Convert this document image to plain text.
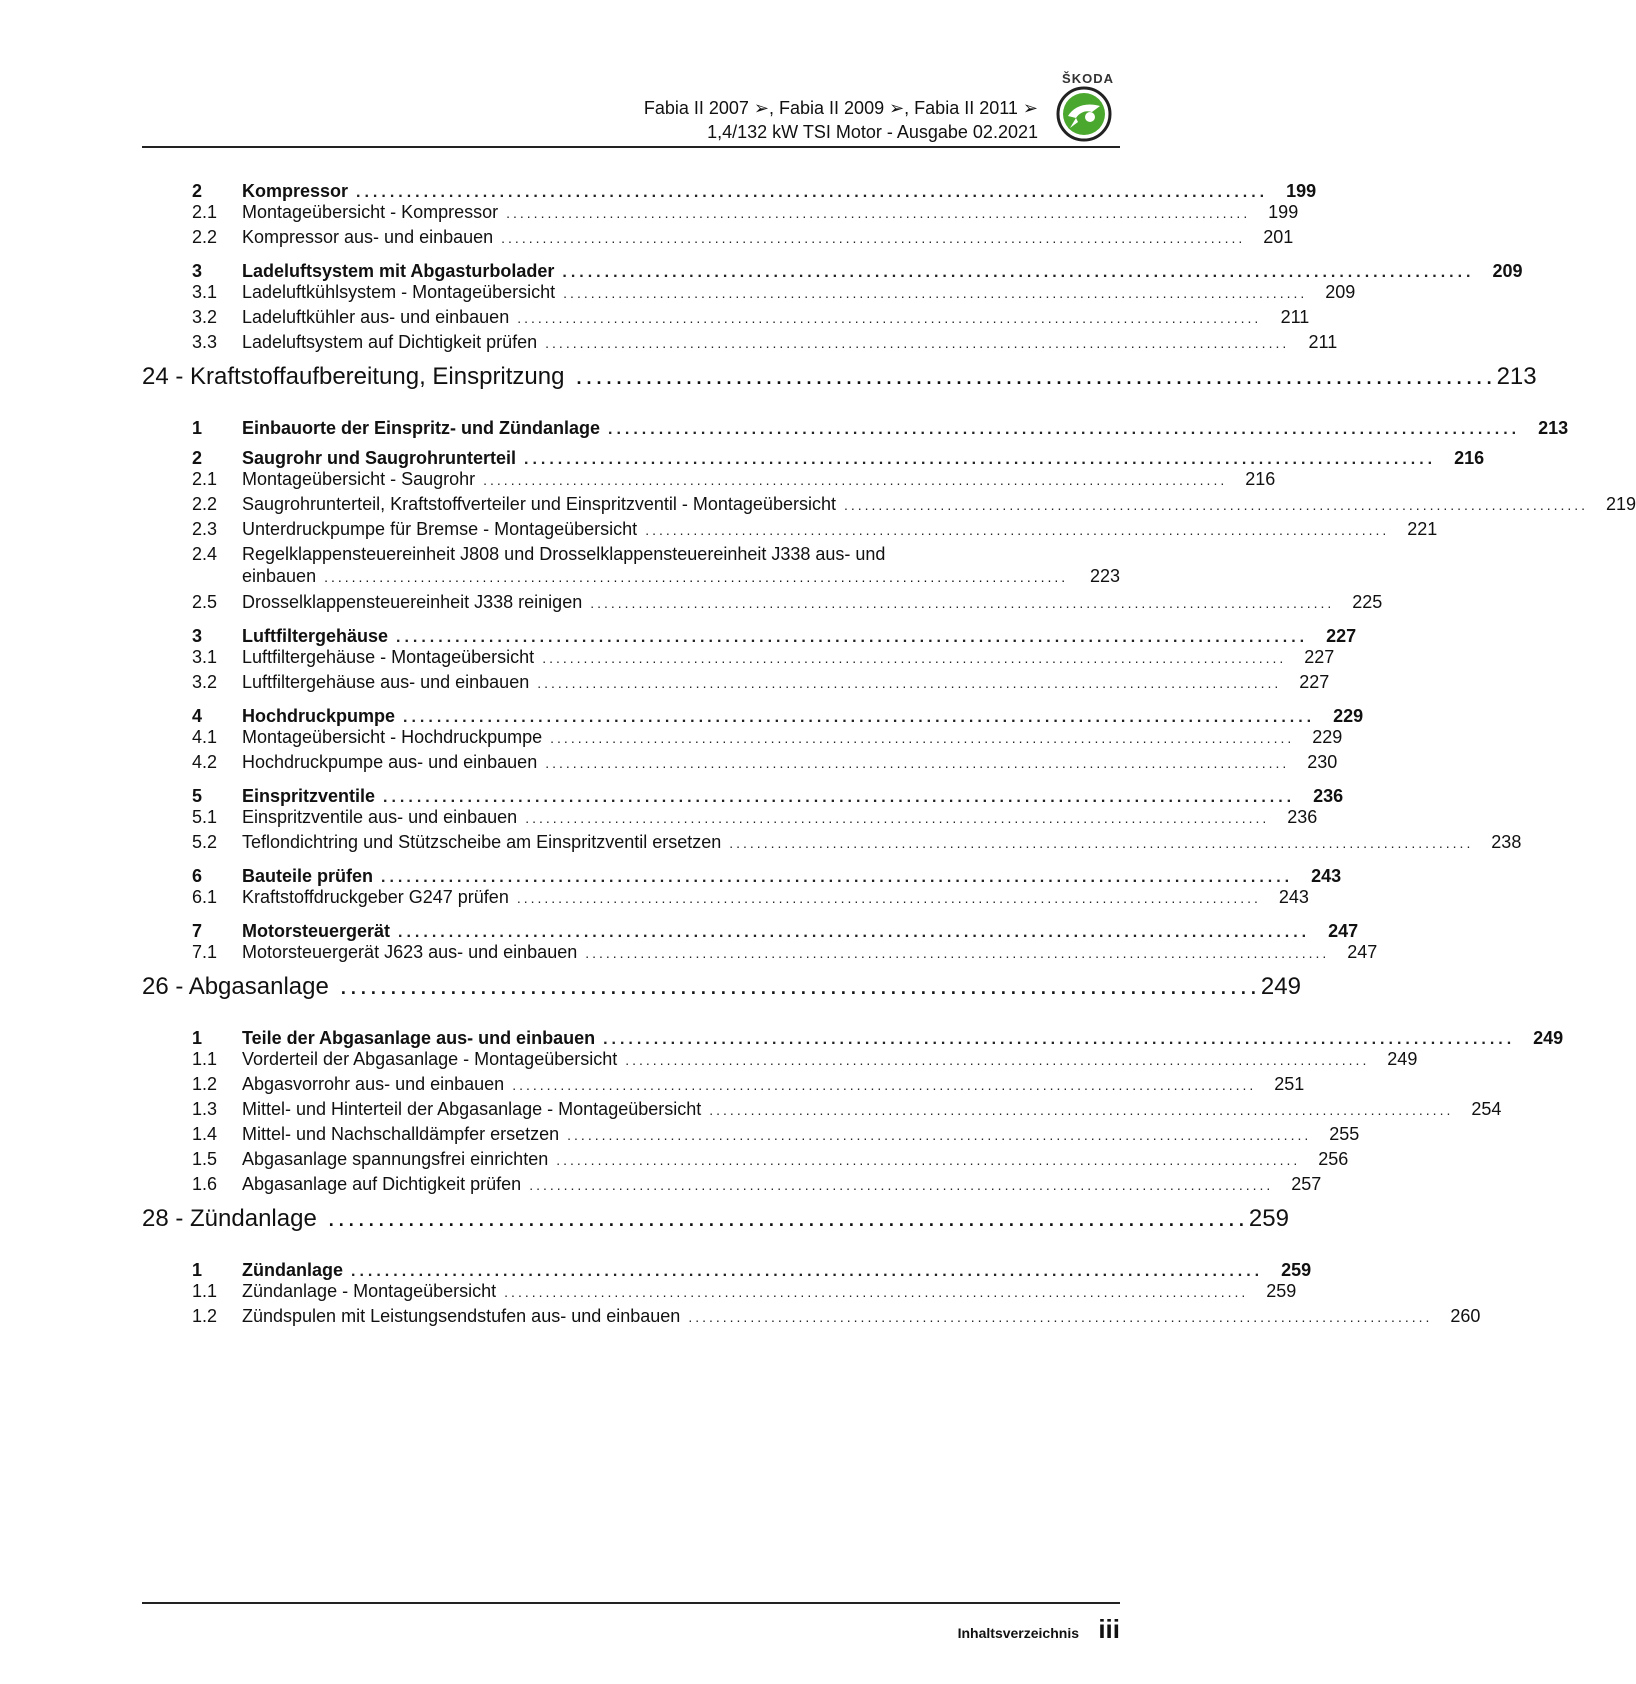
ŠKODA
Fabia II 2007 ➢, Fabia II 2009 ➢, Fabia II 2011 ➢
1,4/132 kW TSI Motor - Ausgabe 02.2021
2	Kompressor ............................................................................................................ 199
2.1	Montageübersicht - Kompressor ............................................................................................................ 199
2.2	Kompressor aus- und einbauen ............................................................................................................ 201
3	Ladeluftsystem mit Abgasturbolader ............................................................................................................ 209
3.1	Ladeluftkühlsystem - Montageübersicht ............................................................................................................ 209
3.2	Ladeluftkühler aus- und einbauen ............................................................................................................	211
3.3	Ladeluftsystem auf Dichtigkeit prüfen ............................................................................................................	211
24 - Kraftstoffaufbereitung, Einspritzung ............................................................................................ 213
1	Einbauorte der Einspritz- und Zündanlage ............................................................................................................ 213
2	Saugrohr und Saugrohrunterteil ............................................................................................................ 216
2.1	Montageübersicht - Saugrohr ............................................................................................................ 216
2.2	Saugrohrunterteil, Kraftstoffverteiler und Einspritzventil - Montageübersicht ............................................................................................................ 219
2.3	Unterdruckpumpe für Bremse - Montageübersicht ............................................................................................................ 221
2.4	Regelklappensteuereinheit J808 und Drosselklappensteuereinheit J338 aus- und
einbauen ............................................................................................................	223
2.5	Drosselklappensteuereinheit J338 reinigen ............................................................................................................ 225
3	Luftfiltergehäuse ............................................................................................................ 227
3.1	Luftfiltergehäuse - Montageübersicht ............................................................................................................ 227
3.2	Luftfiltergehäuse aus- und einbauen ............................................................................................................ 227
4	Hochdruckpumpe ............................................................................................................ 229
4.1	Montageübersicht - Hochdruckpumpe ............................................................................................................ 229
4.2	Hochdruckpumpe aus- und einbauen ............................................................................................................ 230
5	Einspritzventile ............................................................................................................ 236
5.1	Einspritzventile aus- und einbauen ............................................................................................................ 236
5.2	Teflondichtring und Stützscheibe am Einspritzventil ersetzen ............................................................................................................ 238
6	Bauteile prüfen ............................................................................................................ 243
6.1	Kraftstoffdruckgeber G247 prüfen ............................................................................................................ 243
7	Motorsteuergerät ............................................................................................................ 247
7.1	Motorsteuergerät J623 aus- und einbauen ............................................................................................................ 247
26 - Abgasanlage ............................................................................................ 249
1	Teile der Abgasanlage aus- und einbauen ............................................................................................................ 249
1.1	Vorderteil der Abgasanlage - Montageübersicht ............................................................................................................ 249
1.2	Abgasvorrohr aus- und einbauen ............................................................................................................ 251
1.3	Mittel- und Hinterteil der Abgasanlage - Montageübersicht ............................................................................................................ 254
1.4	Mittel- und Nachschalldämpfer ersetzen ............................................................................................................ 255
1.5	Abgasanlage spannungsfrei einrichten ............................................................................................................ 256
1.6	Abgasanlage auf Dichtigkeit prüfen ............................................................................................................ 257
28 - Zündanlage ............................................................................................ 259
1	Zündanlage ............................................................................................................ 259
1.1	Zündanlage - Montageübersicht ............................................................................................................ 259
1.2	Zündspulen mit Leistungsendstufen aus- und einbauen ............................................................................................................ 260
Inhaltsverzeichnis iii
